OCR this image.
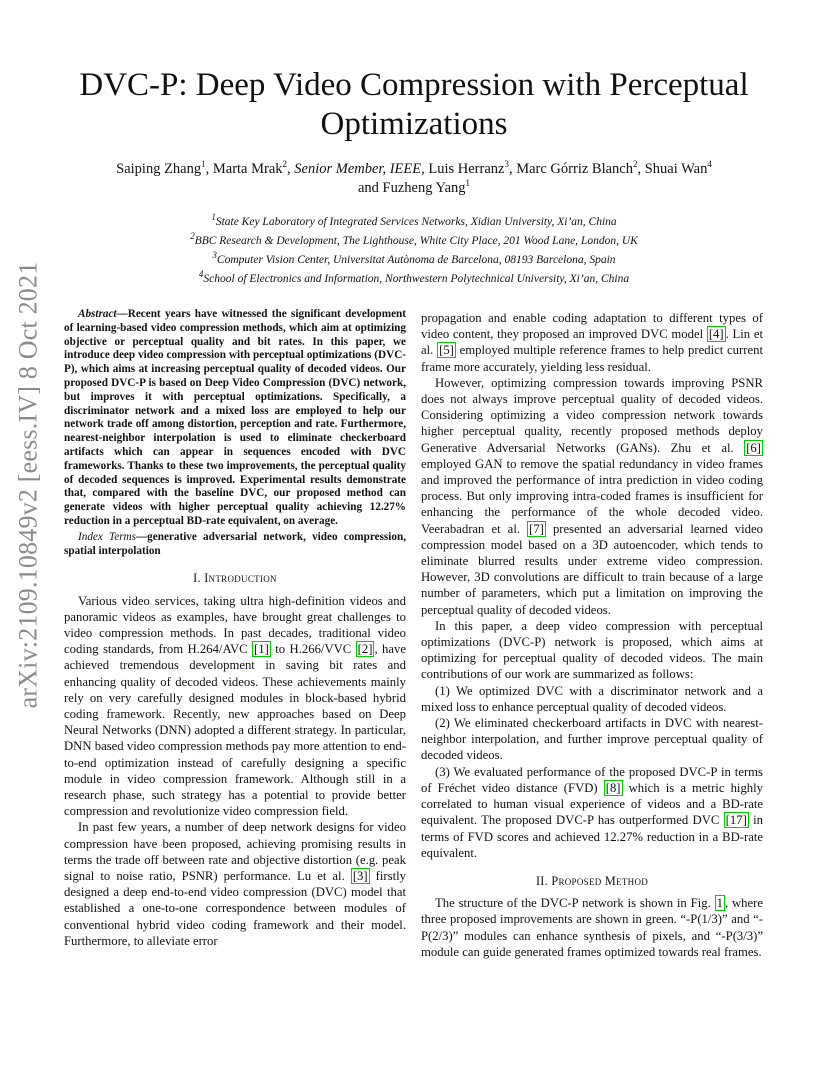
arXiv:2109.10849v2 [eess.IV] 8 Oct 2021
DVC-P: Deep Video Compression with Perceptual Optimizations
Saiping Zhang$^1$, Marta Mrak$^2$, Senior Member, IEEE, Luis Herranz$^3$, Marc Górriz Blanch$^2$, Shuai Wan$^4$
and Fuzheng Yang$^1$
$^1$State Key Laboratory of Integrated Services Networks, Xidian University, Xi’an, China
$^2$BBC Research & Development, The Lighthouse, White City Place, 201 Wood Lane, London, UK
$^3$Computer Vision Center, Universitat Autònoma de Barcelona, 08193 Barcelona, Spain
$^4$School of Electronics and Information, Northwestern Polytechnical University, Xi’an, China

Abstract—Recent years have witnessed the significant development of learning-based video compression methods, which aim at optimizing objective or perceptual quality and bit rates. In this paper, we introduce deep video compression with perceptual optimizations (DVC-P), which aims at increasing perceptual quality of decoded videos. Our proposed DVC-P is based on Deep Video Compression (DVC) network, but improves it with perceptual optimizations. Specifically, a discriminator network and a mixed loss are employed to help our network trade off among distortion, perception and rate. Furthermore, nearest-neighbor interpolation is used to eliminate checkerboard artifacts which can appear in sequences encoded with DVC frameworks. Thanks to these two improvements, the perceptual quality of decoded sequences is improved. Experimental results demonstrate that, compared with the baseline DVC, our proposed method can generate videos with higher perceptual quality achieving 12.27% reduction in a perceptual BD-rate equivalent, on average.

Index Terms—generative adversarial network, video compression, spatial interpolation

I. Introduction

Various video services, taking ultra high-definition videos and panoramic videos as examples, have brought great challenges to video compression methods. In past decades, traditional video coding standards, from H.264/AVC [1] to H.266/VVC [2] , have achieved tremendous development in saving bit rates and enhancing quality of decoded videos. These achievements mainly rely on very carefully designed modules in block-based hybrid coding framework. Recently, new approaches based on Deep Neural Networks (DNN) adopted a different strategy. In particular, DNN based video compression methods pay more attention to end-to-end optimization instead of carefully designing a specific module in video compression framework. Although still in a research phase, such strategy has a potential to provide better compression and revolutionize video compression field.

In past few years, a number of deep network designs for video compression have been proposed, achieving promising results in terms the trade off between rate and objective distortion (e.g. peak signal to noise ratio, PSNR) performance. Lu et al. [3] firstly designed a deep end-to-end video compression (DVC) model that established a one-to-one correspondence between modules of conventional hybrid video coding framework and their model. Furthermore, to alleviate error

propagation and enable coding adaptation to different types of video content, they proposed an improved DVC model [4] . Lin et al. [5] employed multiple reference frames to help predict current frame more accurately, yielding less residual.

However, optimizing compression towards improving PSNR does not always improve perceptual quality of decoded videos. Considering optimizing a video compression network towards higher perceptual quality, recently proposed methods deploy Generative Adversarial Networks (GANs). Zhu et al. [6] employed GAN to remove the spatial redundancy in video frames and improved the performance of intra prediction in video coding process. But only improving intra-coded frames is insufficient for enhancing the performance of the whole decoded video. Veerabadran et al. [7] presented an adversarial learned video compression model based on a 3D autoencoder, which tends to eliminate blurred results under extreme video compression. However, 3D convolutions are difficult to train because of a large number of parameters, which put a limitation on improving the perceptual quality of decoded videos.

In this paper, a deep video compression with perceptual optimizations (DVC-P) network is proposed, which aims at optimizing for perceptual quality of decoded videos. The main contributions of our work are summarized as follows:

(1) We optimized DVC with a discriminator network and a mixed loss to enhance perceptual quality of decoded videos.

(2) We eliminated checkerboard artifacts in DVC with nearest-neighbor interpolation, and further improve perceptual quality of decoded videos.

(3) We evaluated performance of the proposed DVC-P in terms of Fréchet video distance (FVD) [8] which is a metric highly correlated to human visual experience of videos and a BD-rate equivalent. The proposed DVC-P has outperformed DVC [17] in terms of FVD scores and achieved 12.27% reduction in a BD-rate equivalent.

II. Proposed Method

The structure of the DVC-P network is shown in Fig. 1 , where three proposed improvements are shown in green. “-P(1/3)” and “-P(2/3)” modules can enhance synthesis of pixels, and “-P(3/3)” module can guide generated frames optimized towards real frames.
